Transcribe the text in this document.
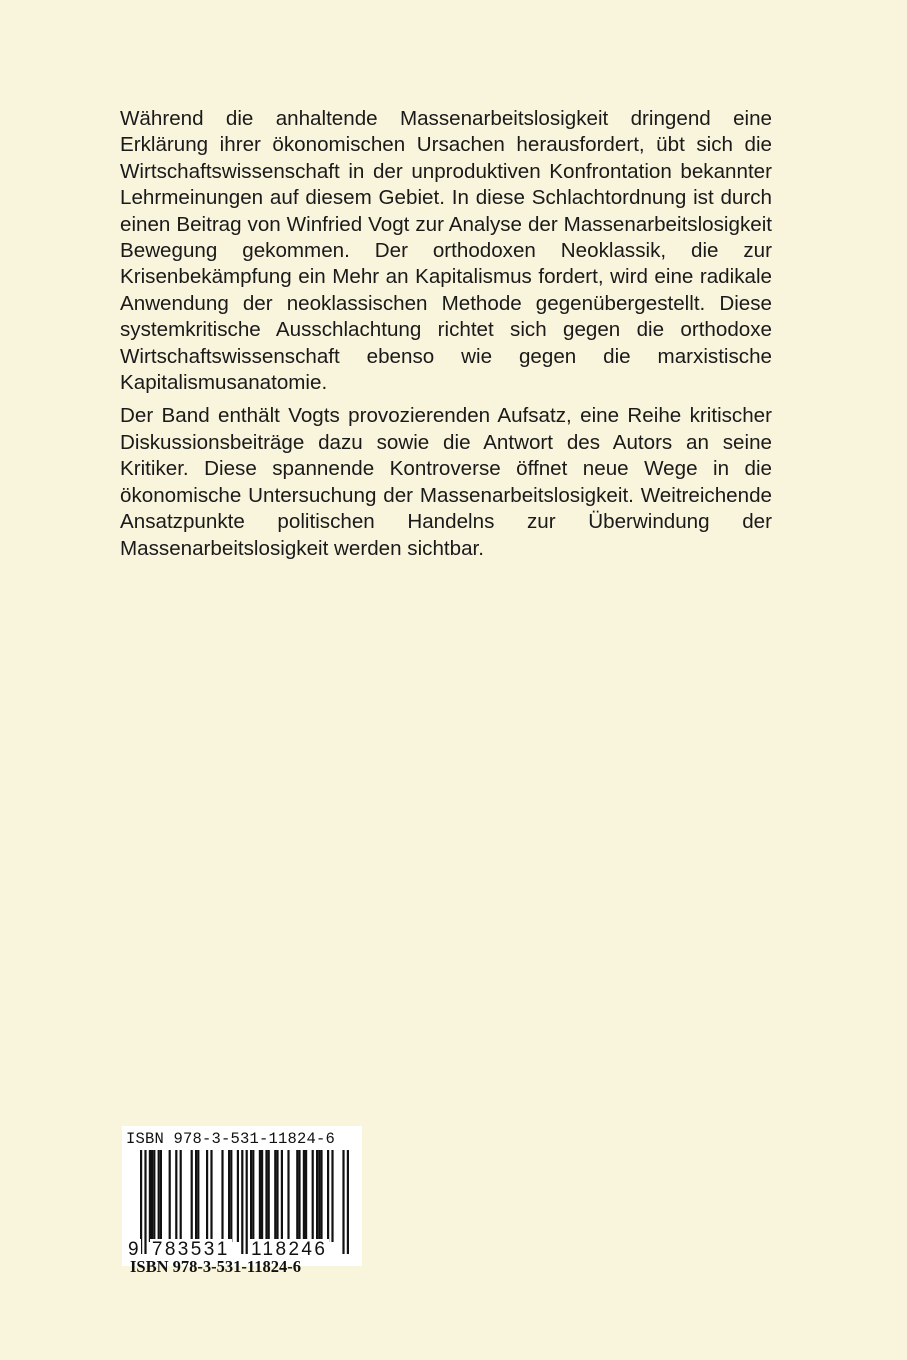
Während die anhaltende Massenarbeitslosigkeit dringend eine Erklärung ihrer ökonomischen Ursachen herausfordert, übt sich die Wirtschaftswissenschaft in der unproduktiven Konfrontation bekannter Lehrmeinungen auf diesem Gebiet. In diese Schlachtordnung ist durch einen Beitrag von Winfried Vogt zur Analyse der Massenarbeitslosigkeit Bewegung gekommen. Der orthodoxen Neoklassik, die zur Krisenbekämpfung ein Mehr an Kapitalismus fordert, wird eine radikale Anwendung der neoklassischen Methode gegenübergestellt. Diese systemkritische Ausschlachtung richtet sich gegen die orthodoxe Wirtschaftswissenschaft ebenso wie gegen die marxistische Kapitalismusanatomie.

Der Band enthält Vogts provozierenden Aufsatz, eine Reihe kritischer Diskussionsbeiträge dazu sowie die Antwort des Autors an seine Kritiker. Diese spannende Kontroverse öffnet neue Wege in die ökonomische Untersuchung der Massenarbeitslosigkeit. Weitreichende Ansatzpunkte politischen Handelns zur Überwindung der Massenarbeitslosigkeit werden sichtbar.

ISBN 978-3-531-11824-6
9 783531 118246
ISBN 978-3-531-11824-6
